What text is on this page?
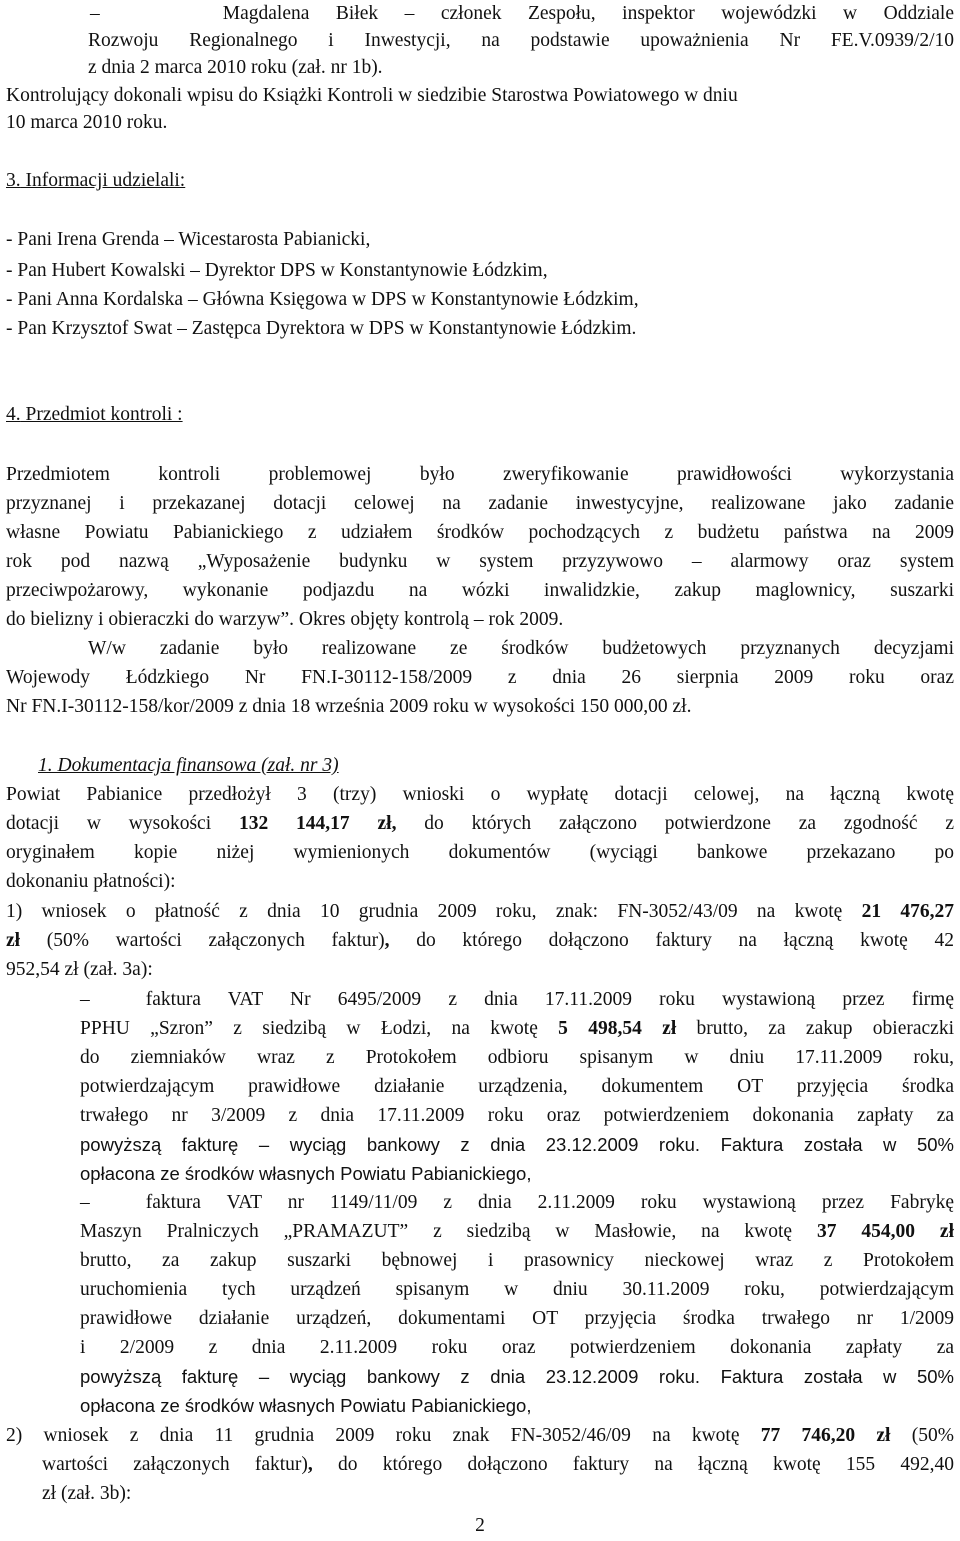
–	Magdalena Biłek – członek Zespołu, inspektor wojewódzki w Oddziale
Rozwoju Regionalnego i Inwestycji, na podstawie upoważnienia Nr FE.V.0939/2/10
z dnia 2 marca 2010 roku (zał. nr 1b).
Kontrolujący dokonali wpisu do Książki Kontroli w siedzibie Starostwa Powiatowego w dniu
10 marca 2010 roku.
3. Informacji udzielali:
- Pani Irena Grenda – Wicestarosta Pabianicki,
- Pan Hubert Kowalski – Dyrektor DPS w Konstantynowie Łódzkim,
- Pani Anna Kordalska – Główna Księgowa w DPS w Konstantynowie Łódzkim,
- Pan Krzysztof Swat – Zastępca Dyrektora w DPS w Konstantynowie Łódzkim.
4. Przedmiot kontroli :
Przedmiotem kontroli problemowej było zweryfikowanie prawidłowości wykorzystania
przyznanej i przekazanej dotacji celowej na zadanie inwestycyjne, realizowane jako zadanie
własne Powiatu Pabianickiego z udziałem środków pochodzących z budżetu państwa na 2009
rok pod nazwą „Wyposażenie budynku w system przyzywowo – alarmowy oraz system
przeciwpożarowy, wykonanie podjazdu na wózki inwalidzkie, zakup maglownicy, suszarki
do bielizny i obieraczki do warzyw”. Okres objęty kontrolą – rok 2009.
W/w zadanie było realizowane ze środków budżetowych przyznanych decyzjami
Wojewody Łódzkiego Nr FN.I-30112-158/2009 z dnia 26 sierpnia 2009 roku oraz
Nr FN.I-30112-158/kor/2009 z dnia 18 września 2009 roku w wysokości 150 000,00 zł.
1. Dokumentacja finansowa (zał. nr 3)
Powiat Pabianice przedłożył 3 (trzy) wnioski o wypłatę dotacji celowej, na łączną kwotę
dotacji w wysokości 132 144,17 zł, do których załączono potwierdzone za zgodność z
oryginałem kopie niżej wymienionych dokumentów (wyciągi bankowe przekazano po
dokonaniu płatności):
1) wniosek o płatność z dnia 10 grudnia 2009 roku, znak: FN-3052/43/09 na kwotę 21 476,27
zł (50% wartości załączonych faktur), do którego dołączono faktury na łączną kwotę 42
952,54 zł (zał. 3a):
–	faktura VAT Nr 6495/2009 z dnia 17.11.2009 roku wystawioną przez firmę
PPHU „Szron” z siedzibą w Łodzi, na kwotę 5 498,54 zł brutto, za zakup obieraczki
do ziemniaków wraz z Protokołem odbioru spisanym w dniu 17.11.2009 roku,
potwierdzającym prawidłowe działanie urządzenia, dokumentem OT przyjęcia środka
trwałego nr 3/2009 z dnia 17.11.2009 roku oraz potwierdzeniem dokonania zapłaty za
powyższą fakturę – wyciąg bankowy z dnia 23.12.2009 roku. Faktura została w 50%
opłacona ze środków własnych Powiatu Pabianickiego,
–	faktura VAT nr 1149/11/09 z dnia 2.11.2009 roku wystawioną przez Fabrykę
Maszyn Pralniczych „PRAMAZUT” z siedzibą w Masłowie, na kwotę 37 454,00 zł
brutto, za zakup suszarki bębnowej i prasownicy nieckowej wraz z Protokołem
uruchomienia tych urządzeń spisanym w dniu 30.11.2009 roku, potwierdzającym
prawidłowe działanie urządzeń, dokumentami OT przyjęcia środka trwałego nr 1/2009
i 2/2009 z dnia 2.11.2009 roku oraz potwierdzeniem dokonania zapłaty za
powyższą fakturę – wyciąg bankowy z dnia 23.12.2009 roku. Faktura została w 50%
opłacona ze środków własnych Powiatu Pabianickiego,
2) wniosek z dnia 11 grudnia 2009 roku znak FN-3052/46/09 na kwotę 77 746,20 zł (50%
wartości załączonych faktur), do którego dołączono faktury na łączną kwotę 155 492,40
zł (zał. 3b):
2
